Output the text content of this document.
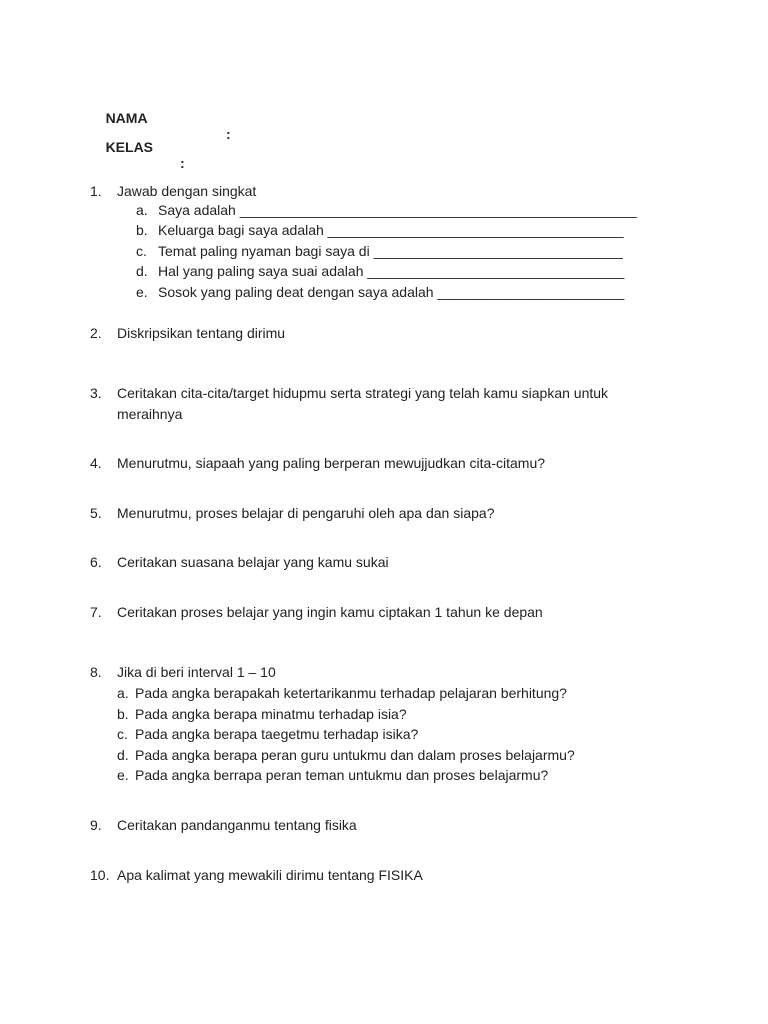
NAMA

:

KELAS

:

1. Jawab dengan singkat
a. Saya adalah ___________________________________________________
b. Keluarga bagi saya adalah ______________________________________
c. Temat paling nyaman bagi saya di ________________________________
d. Hal yang paling saya suai adalah _________________________________
e. Sosok yang paling deat dengan saya adalah ________________________
2. Diskripsikan tentang dirimu
3. Ceritakan cita-cita/target hidupmu serta strategi yang telah kamu siapkan untuk
meraihnya
4. Menurutmu, siapaah yang paling berperan mewujjudkan cita-citamu?
5. Menurutmu, proses belajar di pengaruhi oleh apa dan siapa?
6. Ceritakan suasana belajar yang kamu sukai
7. Ceritakan proses belajar yang ingin kamu ciptakan 1 tahun ke depan
8. Jika di beri interval 1 – 10
a. Pada angka berapakah ketertarikanmu terhadap pelajaran berhitung?
b. Pada angka berapa minatmu terhadap isia?
c. Pada angka berapa taegetmu terhadap isika?
d. Pada angka berapa peran guru untukmu dan dalam proses belajarmu?
e. Pada angka berrapa peran teman untukmu dan proses belajarmu?
9. Ceritakan pandanganmu tentang fisika
10. Apa kalimat yang mewakili dirimu tentang FISIKA
